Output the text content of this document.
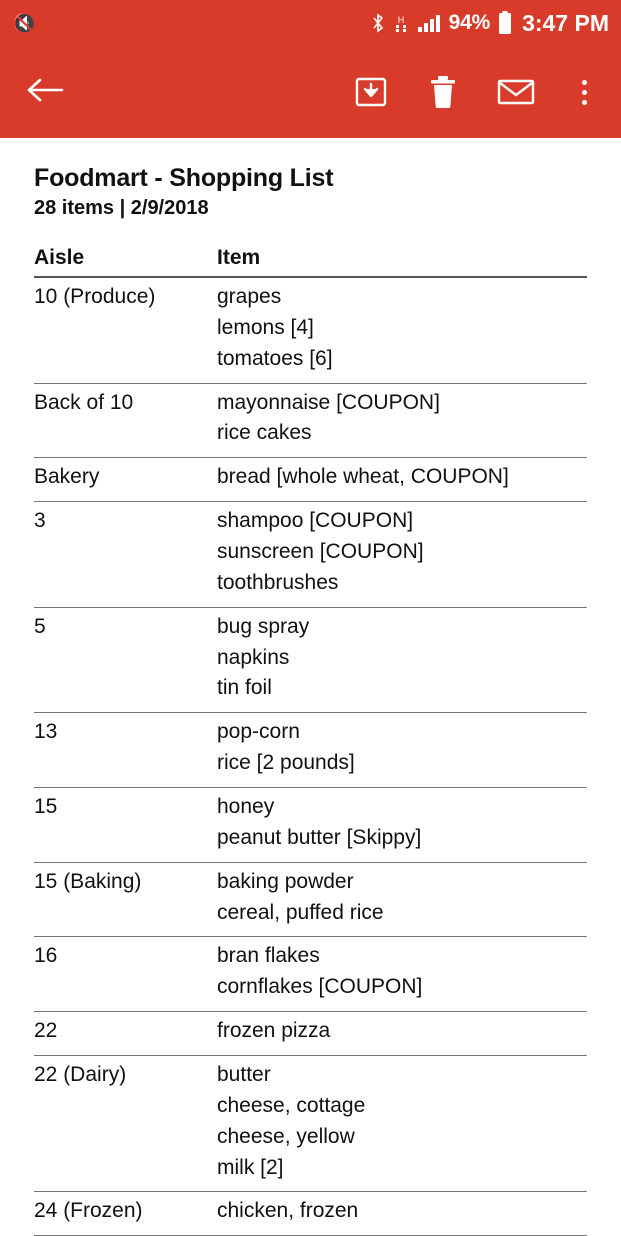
🔇	H 94% 3:47 PM
Foodmart - Shopping List
28 items | 2/9/2018
Aisle	Item
10 (Produce)	grapes
lemons [4]
tomatoes [6]

Back of 10	mayonnaise [COUPON]
rice cakes

Bakery	bread [whole wheat, COUPON]

3	shampoo [COUPON]
sunscreen [COUPON]
toothbrushes

5	bug spray
napkins
tin foil

13	pop-corn
rice [2 pounds]

15	honey
peanut butter [Skippy]

15 (Baking)	baking powder
cereal, puffed rice

16	bran flakes
cornflakes [COUPON]

22	frozen pizza

22 (Dairy)	butter
cheese, cottage
cheese, yellow
milk [2]

24 (Frozen)	chicken, frozen
